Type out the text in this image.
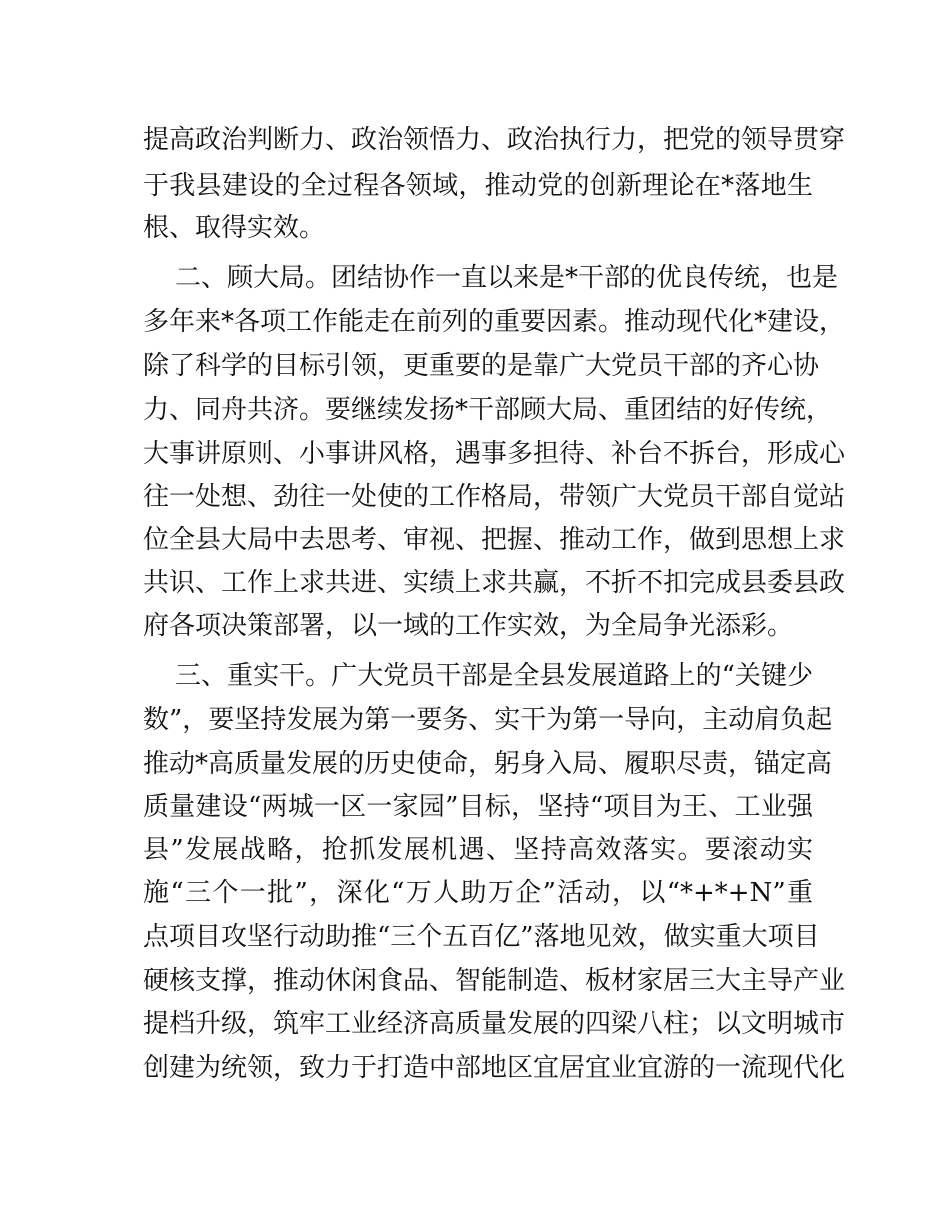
提高政治判断力、政治领悟力、政治执行力，把党的领导贯穿
于我县建设的全过程各领域，推动党的创新理论在*落地生
根、取得实效。
二、顾大局。团结协作一直以来是*干部的优良传统，也是
多年来*各项工作能走在前列的重要因素。推动现代化*建设，
除了科学的目标引领，更重要的是靠广大党员干部的齐心协
力、同舟共济。要继续发扬*干部顾大局、重团结的好传统，
大事讲原则、小事讲风格，遇事多担待、补台不拆台，形成心
往一处想、劲往一处使的工作格局，带领广大党员干部自觉站
位全县大局中去思考、审视、把握、推动工作，做到思想上求
共识、工作上求共进、实绩上求共赢，不折不扣完成县委县政
府各项决策部署，以一域的工作实效，为全局争光添彩。
三、重实干。广大党员干部是全县发展道路上的“关键少
数”，要坚持发展为第一要务、实干为第一导向，主动肩负起
推动*高质量发展的历史使命，躬身入局、履职尽责，锚定高
质量建设“两城一区一家园”目标，坚持“项目为王、工业强
县”发展战略，抢抓发展机遇、坚持高效落实。要滚动实
施“三个一批”，深化“万人助万企”活动，以“*+*+N”重
点项目攻坚行动助推“三个五百亿”落地见效，做实重大项目
硬核支撑，推动休闲食品、智能制造、板材家居三大主导产业
提档升级，筑牢工业经济高质量发展的四梁八柱；以文明城市
创建为统领，致力于打造中部地区宜居宜业宜游的一流现代化
